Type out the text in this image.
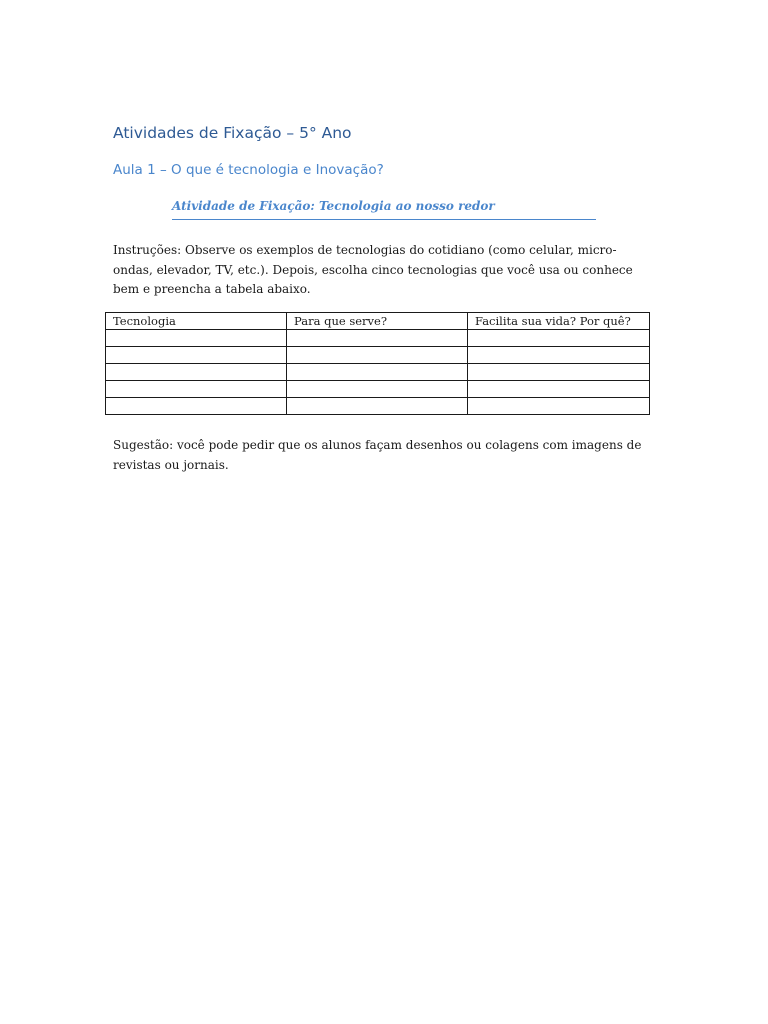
Atividades de Fixação – 5° Ano
Aula 1 – O que é tecnologia e Inovação?
Atividade de Fixação: Tecnologia ao nosso redor

Instruções: Observe os exemplos de tecnologias do cotidiano (como celular, micro-ondas, elevador, TV, etc.). Depois, escolha cinco tecnologias que você usa ou conhece bem e preencha a tabela abaixo.

Tecnologia	Para que serve?	Facilita sua vida? Por quê?

Sugestão: você pode pedir que os alunos façam desenhos ou colagens com imagens de revistas ou jornais.
